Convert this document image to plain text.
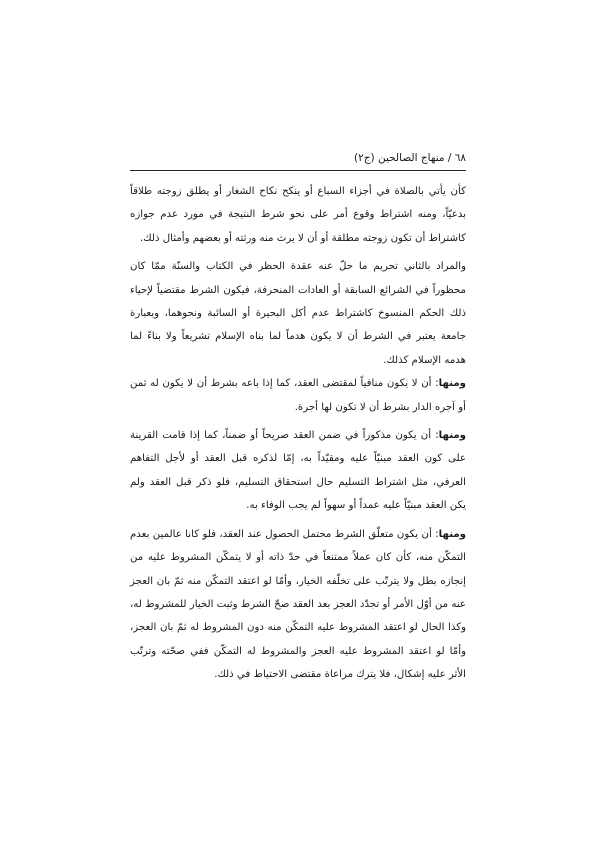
٦٨ / منهاج الصالحين (ج٢)

كأن يأتي بالصلاة في أجزاء السباع أو ينكح نكاح الشغار أو يطلق زوجته طلاقاً بدعيّاً، ومنه اشتراط وقوع أمر على نحو شرط النتيجة في مورد عدم جوازه كاشتراط أن تكون زوجته مطلقة أو أن لا يرث منه ورثته أو بعضهم وأمثال ذلك.

والمراد بالثاني تحريم ما حلّ عنه عقدة الحظر في الكتاب والسنّة ممّا كان محظوراً في الشرائع السابقة أو العادات المنحرفة، فيكون الشرط مقتضياً لإحياء ذلك الحكم المنسوخ كاشتراط عدم أكل البحيرة أو السائبة ونحوهما، وبعبارة جامعة يعتبر في الشرط أن لا يكون هدماً لما بناه الإسلام تشريعاً ولا بناءً لما هدمه الإسلام كذلك.

ومنها: أن لا يكون منافياً لمقتضى العقد، كما إذا باعه بشرط أن لا يكون له ثمن أو آجره الدار بشرط أن لا تكون لها أجرة.

ومنها: أن يكون مذكوراً في ضمن العقد صريحاً أو ضمناً، كما إذا قامت القرينة على كون العقد مبنيّاً عليه ومقيّداً به، إمّا لذكره قبل العقد أو لأجل التفاهم العرفي، مثل اشتراط التسليم حال استحقاق التسليم، فلو ذكر قبل العقد ولم يكن العقد مبنيّاً عليه عمداً أو سهواً لم يجب الوفاء به.

ومنها: أن يكون متعلّق الشرط محتمل الحصول عند العقد، فلو كانا عالمين بعدم التمكّن منه، كأن كان عملاً ممتنعاً في حدّ ذاته أو لا يتمكّن المشروط عليه من إنجازه بطل ولا يترتّب على تخلّفه الخيار، وأمّا لو اعتقد التمكّن منه ثمّ بان العجز عنه من أوّل الأمر أو تجدّد العجز بعد العقد صحّ الشرط وثبت الخيار للمشروط له، وكذا الحال لو اعتقد المشروط عليه التمكّن منه دون المشروط له ثمّ بان العجز، وأمّا لو اعتقد المشروط عليه العجز والمشروط له التمكّن ففي صحّته وترتّب الأثر عليه إشكال، فلا يترك مراعاة مقتضى الاحتياط في ذلك.
